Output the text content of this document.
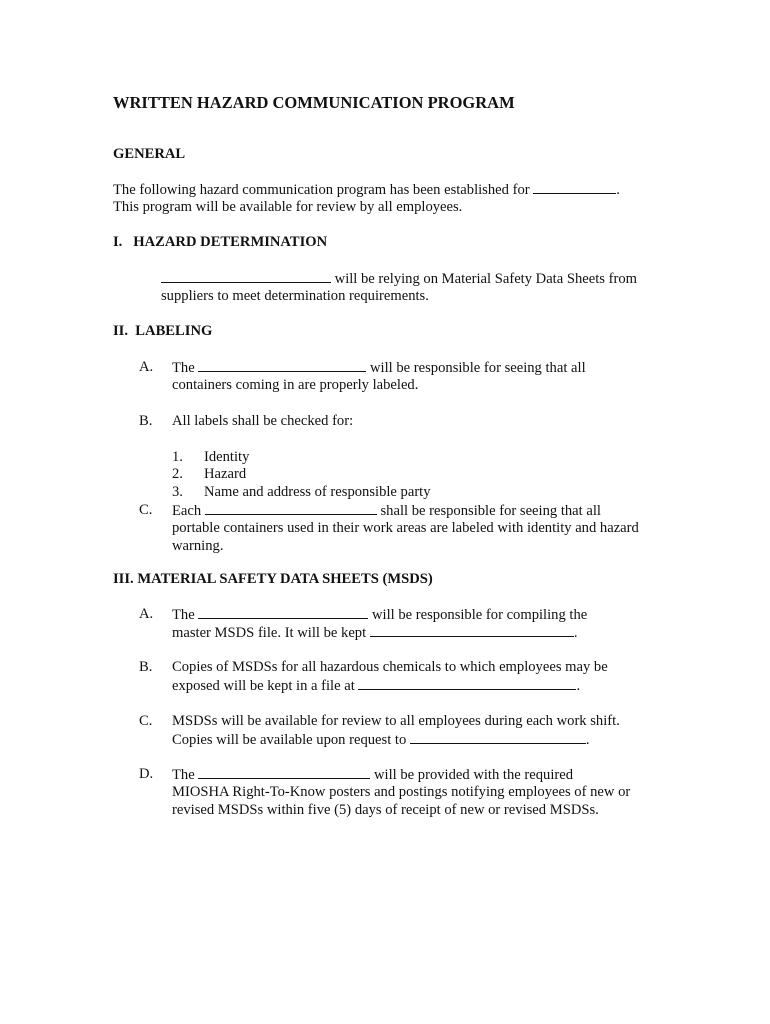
WRITTEN HAZARD COMMUNICATION PROGRAM
GENERAL
The following hazard communication program has been established for	.
This program will be available for review by all employees.
I.   HAZARD DETERMINATION
will be relying on Material Safety Data Sheets from
suppliers to meet determination requirements.
II.  LABELING
A. The	will be responsible for seeing that all
containers coming in are properly labeled.
B. All labels shall be checked for:
1. Identity
2. Hazard
3. Name and address of responsible party
C. Each	shall be responsible for seeing that all
portable containers used in their work areas are labeled with identity and hazard
warning.
III. MATERIAL SAFETY DATA SHEETS (MSDS)
A. The	will be responsible for compiling the
master MSDS file. It will be kept	.
B. Copies of MSDSs for all hazardous chemicals to which employees may be
exposed will be kept in a file at	.
C. MSDSs will be available for review to all employees during each work shift.
Copies will be available upon request to	.
D. The	will be provided with the required
MIOSHA Right-To-Know posters and postings notifying employees of new or
revised MSDSs within five (5) days of receipt of new or revised MSDSs.
